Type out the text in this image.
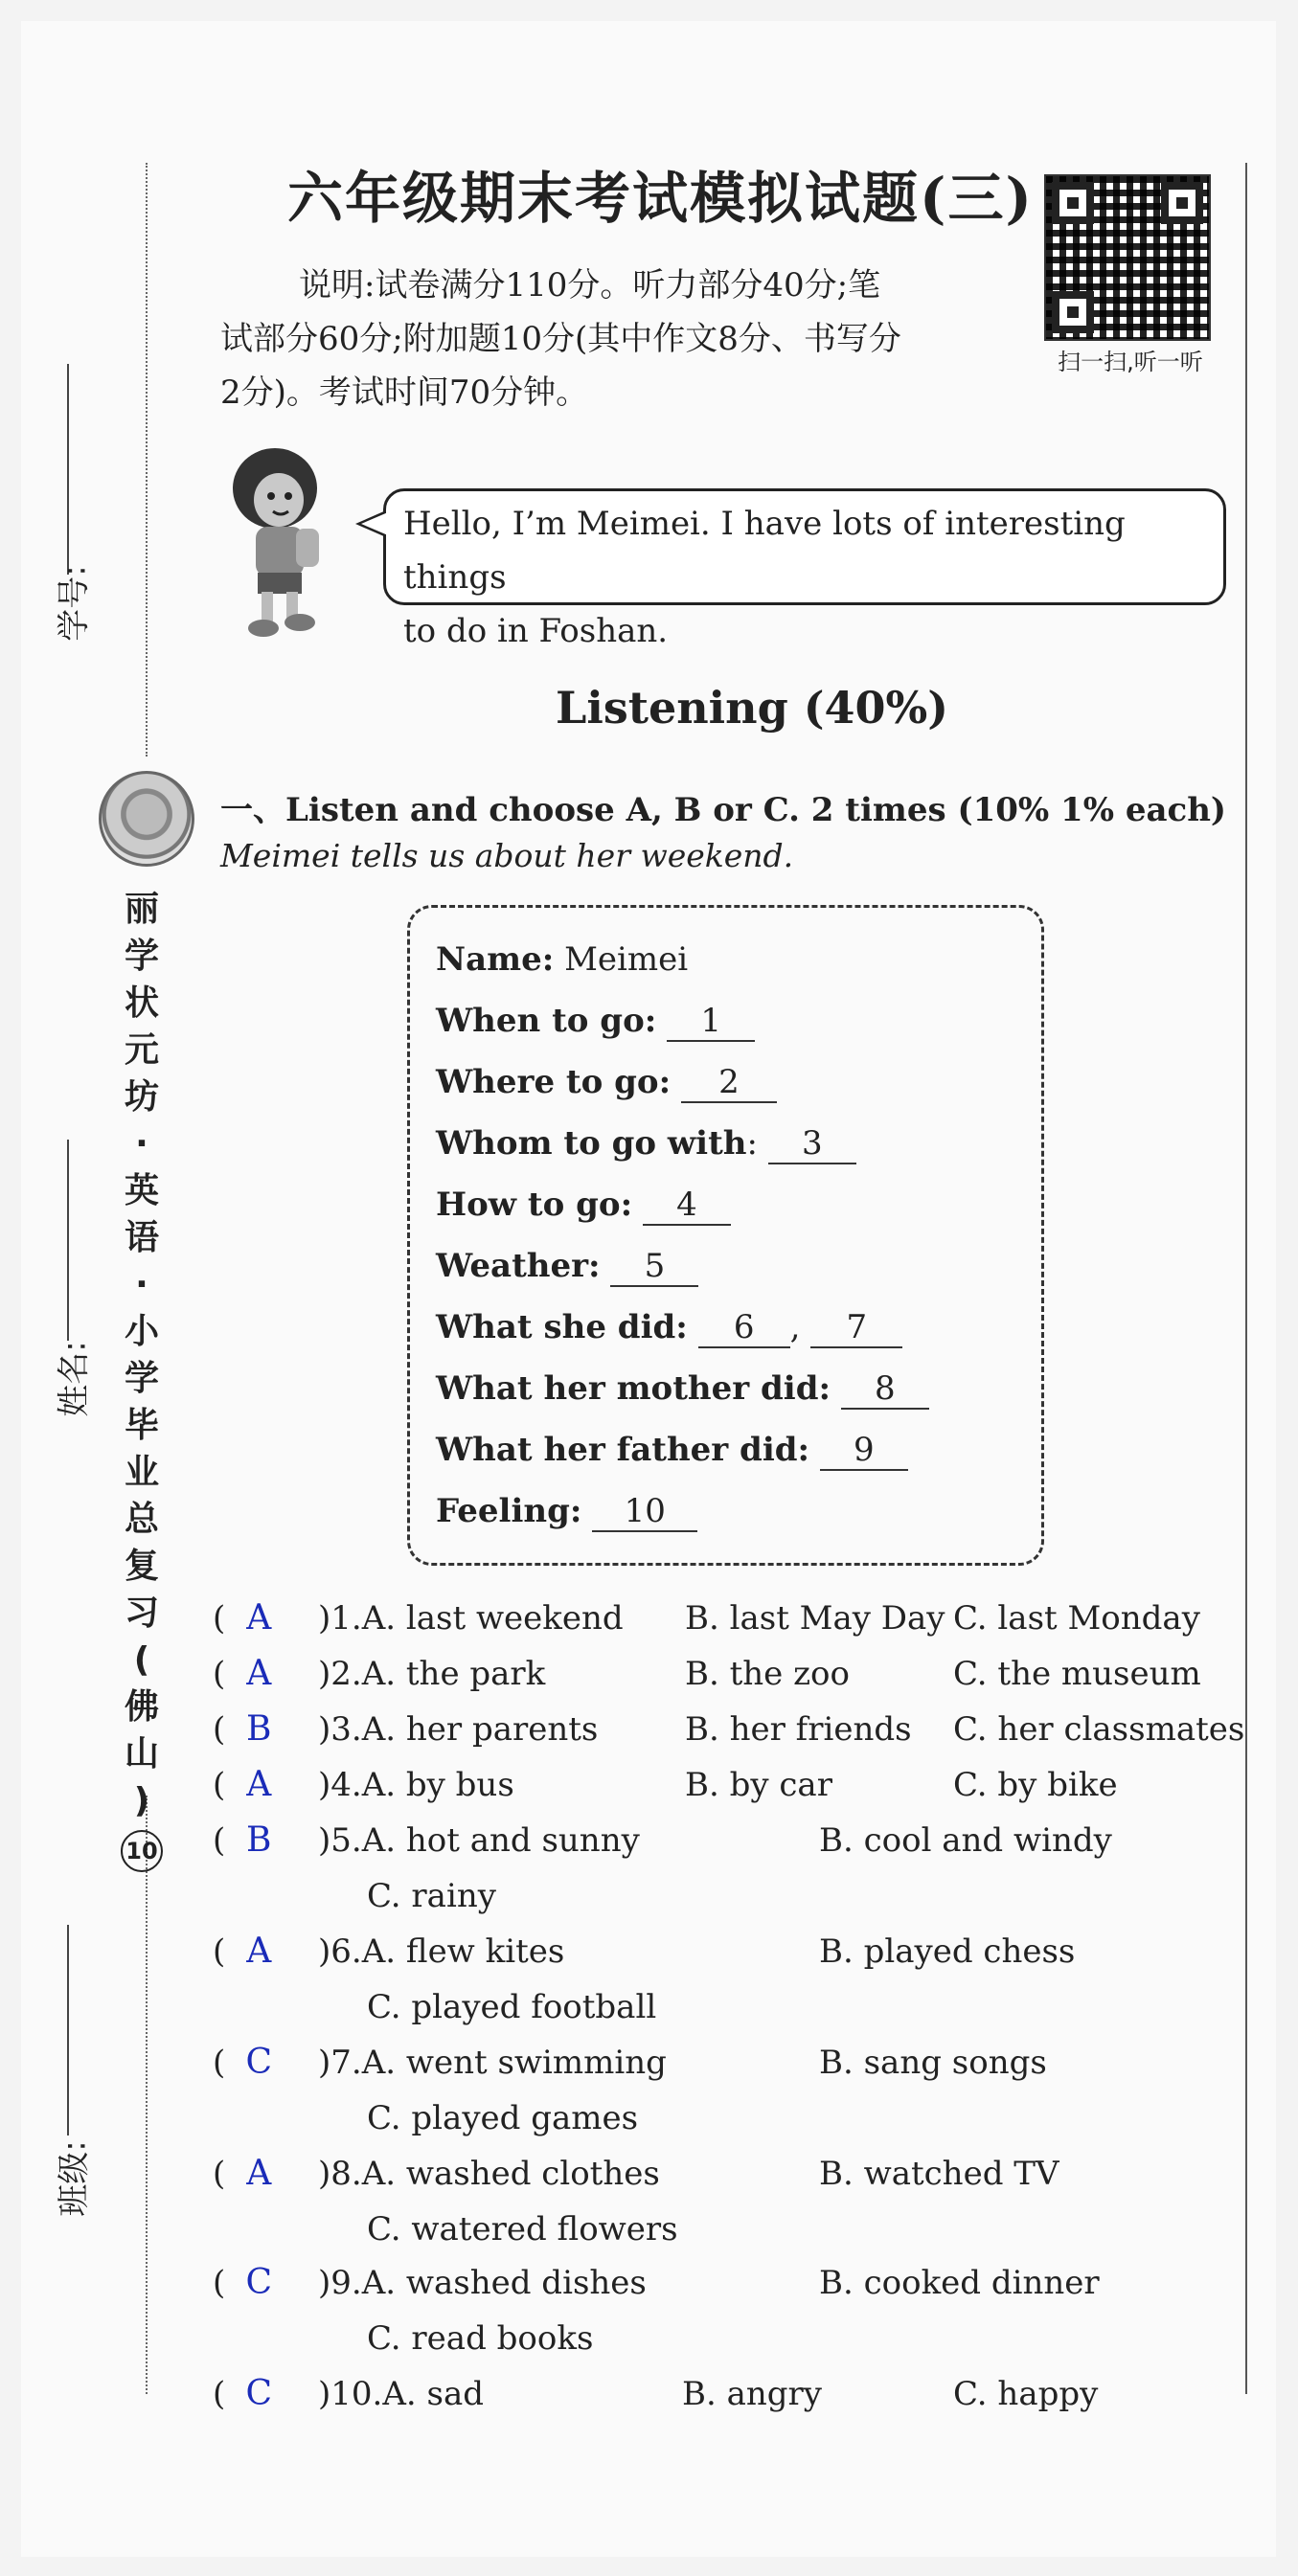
学号:
姓名:
班级:
丽
学
状
元
坊
·
英
语
·
小
学
毕
业
总
复
习
(
佛
山
)
10
六年级期末考试模拟试题(三)
扫一扫,听一听

说明:试卷满分110分。听力部分40分;笔

试部分60分;附加题10分(其中作文8分、书写分

2分)。考试时间70分钟。

Hello, I’m Meimei. I have lots of interesting things
to do in Foshan.
Listening (40%)
一、Listen and choose A, B or C. 2 times (10% 1% each)
Meimei tells us about her weekend.
Name: Meimei
When to go: 1
Where to go: 2
Whom to go with: 3
How to go: 4
Weather: 5
What she did: 6 , 7
What her mother did: 8
What her father did: 9
Feeling: 10
( A )1.A. last weekend B. last May Day C. last Monday
( A )2.A. the park	B. the zoo	C. the museum
( B )3.A. her parents	B. her friends C. her classmates
( A )4.A. by bus	B. by car	C. by bike
( B )5.A. hot and sunny	B. cool and windy
C. rainy
( A )6.A. flew kites	B. played chess
C. played football
( C )7.A. went swimming	B. sang songs
C. played games
( A )8.A. washed clothes	B. watched TV
C. watered flowers
( C )9.A. washed dishes	B. cooked dinner
C. read books
( C )10.A. sad	B. angry	C. happy
